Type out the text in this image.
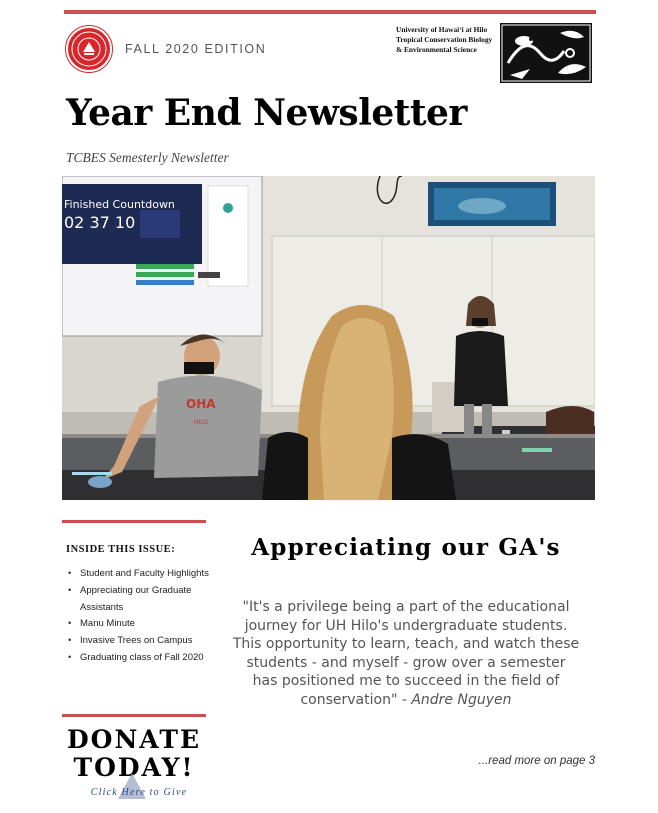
FALL 2020 EDITION
University of Hawaiʻi at Hilo
Tropical Conservation Biology
& Environmental Science
Year End Newsletter
TCBES Semesterly Newsletter
Finished Countdown
02 37 10
OHA
HILO
INSIDE THIS ISSUE:
• Student and Faculty Highlights
• Appreciating our Graduate Assistants
• Manu Minute
• Invasive Trees on Campus
• Graduating class of Fall 2020
DONATE
TODAY!
Click Here to Give
Appreciating our GA's
"It's a privilege being a part of the educational journey for UH Hilo's undergraduate students. This opportunity to learn, teach, and watch these students - and myself - grow over a semester has positioned me to succeed in the field of conservation" - Andre Nguyen
...read more on page 3
